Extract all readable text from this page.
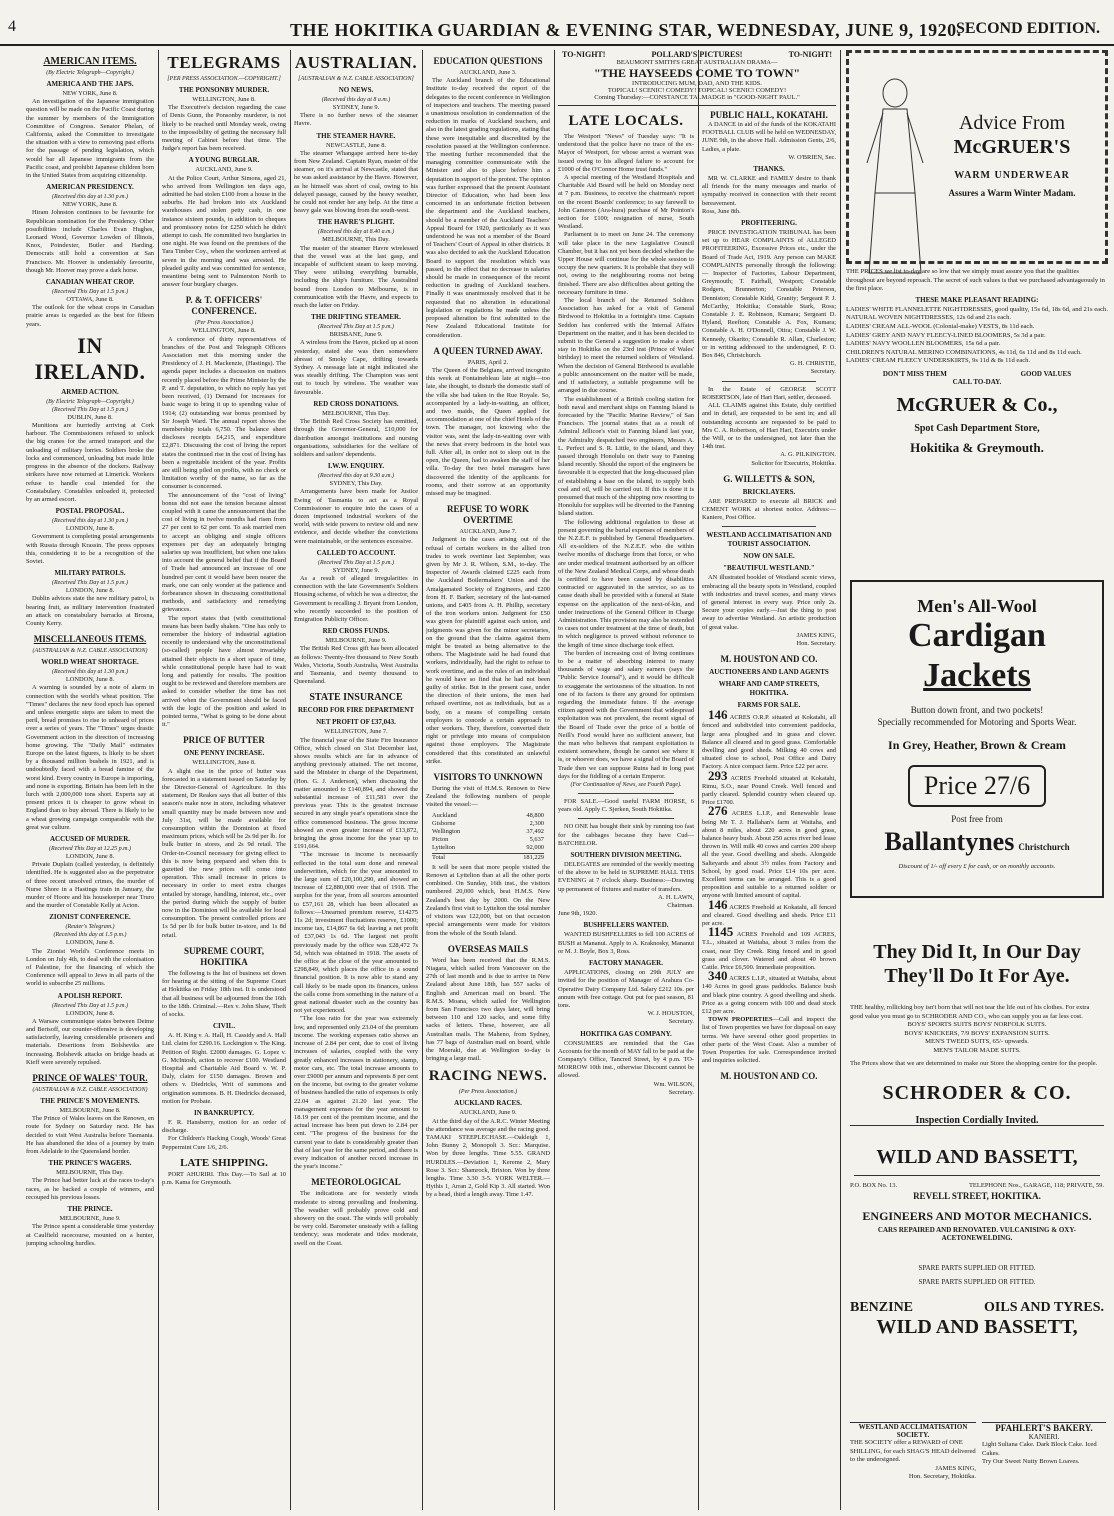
4	THE HOKITIKA GUARDIAN & EVENING STAR, WEDNESDAY, JUNE 9, 1920.
SECOND EDITION.
AMERICAN ITEMS.
(By Electric Telegraph—Copyright.)
AMERICA AND THE JAPS.
NEW YORK, June 8.

An investigation of the Japanese immigration question will be made on the Pacific Coast during the summer by members of the Immigration Committee of Congress. Senator Phelan, of California, asked the Committee to investigate the situation with a view to removing past efforts for the passage of pending legislation, which would bar all Japanese immigrants from the Pacific coast, and prohibit Japanese children born in the United States from acquiring citizenship.

AMERICAN PRESIDENCY.
(Received this day at 1.30 p.m.)
NEW YORK, June 8.

Hiram Johnston continues to be favourite for Republican nomination for the Presidency. Other possibilities include Charles Evan Hughes, Leonard Wood, Governor Lowden of Illinois, Knox, Poindexter, Butler and Harding. Democrats still hold a convention at San Francisco. Mr. Hoover is undeniably favourite, though Mr. Hoover may prove a dark horse.

CANADIAN WHEAT CROP.
(Received This Day at 1.5 p.m.)
OTTAWA, June 8.

The outlook for the wheat crops in Canadian prairie areas is regarded as the best for fifteen years.

IN IRELAND.
ARMED ACTION.
(By Electric Telegraph—Copyright.)
(Received This Day at 1.5 p.m.)
DUBLIN, June 8.

Munitions are hurriedly arriving at Cork harbour. The Commissioners refused to unlock the big cranes for the armed transport and the unloading of military lorries. Soldiers broke the locks and commenced, unloading but made little progress in the absence of the dockers. Railway strikers have now returned at Limerick. Workers refuse to handle coal intended for the Constabulary. Constables unloaded it, protected by an armed escort.

POSTAL PROPOSAL.
(Received this day at 1.30 p.m.)
LONDON, June 8.

Government is completing postal arrangements with Russia through Krassin. The press opposes this, considering it to be a recognition of the Soviet.

MILITARY PATROLS.
(Received This Day at 1.5 p.m.)
LONDON, June 8.

Dublin advices state the new military patrol, is bearing fruit, as military intervention frustrated an attack on constabulary barracks at Brosna, County Kerry.

MISCELLANEOUS ITEMS.
(AUSTRALIAN & N.Z. CABLE ASSOCIATION)
WORLD WHEAT SHORTAGE.
(Received this day at 1.30 p.m.)
LONDON, June 8.

A warning is sounded by a note of alarm in connection with the world's wheat position. The "Times" declares the new food epoch has opened and unless energetic steps are taken to meet the peril, bread promises to rise to unheard of prices over a series of years. The "Times" urges drastic Government action in the direction of increasing home growing. The "Daily Mail" estimates Europe on the latest figures, is likely to be short by a thousand million bushels in 1921, and is undoubtedly faced with a bread famine of the worst kind. Every country in Europe is importing, and none is exporting. Britain has been left in the lurch with 2,000,000 tons short. Experts say at present prices it is cheaper to grow wheat in England than to buy abroad. There is likely to be a wheat growing campaign comparable with the great war culture.

ACCUSED OF MURDER.
(Received This Day at 12.25 p.m.)
LONDON, June 8.

Private Duplain (called yesterday, is definitely identified. He is suggested also as the perpetrator of three recent unsolved crimes, the murder of Nurse Shore in a Hastings train in January, the murder of Hoore and his housekeeper near Truro and the murder of Constable Kelly at Acton.

ZIONIST CONFERENCE.
(Reuter's Telegram.)
(Received this day at 1.5 p.m.)
LONDON, June 8.

The Zionist World's Conference meets in London on July 4th, to deal with the colonisation of Palestine, for the financing of which the Conference will appeal to Jews in all parts of the world to subscribe 25 millions.

A POLISH REPORT.
(Received This Day at 1.5 p.m.)
LONDON, June 8.

A Warsaw communique states between Deime and Berisoff, our counter-offensive is developing satisfactorily, leaving considerable prisoners and materials. Desertions from Bolsheviks are increasing. Bolshevik attacks on bridge heads at Kieff were severely repulsed.

PRINCE OF WALES' TOUR.
(AUSTRALIAN & N.Z. CABLE ASSOCIATION)
THE PRINCE'S MOVEMENTS.
MELBOURNE, June 8.

The Prince of Wales leaves on the Renown, en route for Sydney on Saturday next. He has decided to visit West Australia before Tasmania. He has abandoned the idea of a journey by train from Adelaide to the Queensland border.

THE PRINCE'S WAGERS.
MELBOURNE, This Day.

The Prince had better luck at the races to-day's races, as he backed a couple of winners, and recouped his previous losses.

THE PRINCE.
MELBOURNE, June 9.

The Prince spent a considerable time yesterday at Caulfield racecourse, mounted on a hunter, jumping schooling hurdles.

TELEGRAMS
[PER PRESS ASSOCIATION.—COPYRIGHT.]
THE PONSONBY MURDER.
WELLINGTON, June 8.

The Executive's decision regarding the case of Denis Gunn, the Ponsonby murderer, is not likely to be reached until Monday week, owing to the impossibility of getting the necessary full meeting of Cabinet before that time. The Judge's report has been received.

A YOUNG BURGLAR.
AUCKLAND, June 9.

At the Police Court, Arthur Simons, aged 21, who arrived from Wellington ten days ago, admitted he had stolen £100 from a house in the suburbs. He had broken into six Auckland warehouses and stolen petty cash, in one instance sixteen pounds, in addition to cheques and promissory notes for £250 which he didn't attempt to cash. He committed two burglaries in one night. He was found on the premises of the Tara Timber Coy., when the workmen arrived at seven in the morning and was arrested. He pleaded guilty and was committed for sentence, meantime being sent to Palmerston North to answer four burglary charges.

P. & T. OFFICERS' CONFERENCE.
(Per Press Association.)
WELLINGTON, June 8.

A conference of thirty representatives of branches of the Post and Telegraph Officers Association met this morning under the Presidency of J. H. Mackenzie, (Hastings). The agenda paper includes a discussion on matters recently placed before the Prime Minister by the P. and T. deputation, to which no reply has yet been received, (1) Demand for increases for basic wage to bring it up to spending value of 1914; (2) outstanding war bonus promised by Sir Joseph Ward. The annual report shows the membership totals 6,750. The balance sheet discloses receipts £4,215, and expenditure £2,871. Discussing the cost of living the report states the continued rise in the cost of living has been a regrettable incident of the year. Profits are still being piled on profits, with no check or limitation worthy of the name, so far as the consumer is concerned.

The announcement of the "cost of living" bonus did not ease the tension because almost coupled with it came the announcement that the cost of living in twelve months had risen from 27 per cent to 62 per cent. To ask married men to accept an obliging and single officers expenses per day an adequately bringing salaries up was insufficient, but when one takes into account the general belief that if the Board of Trade had announced an increase of one hundred per cent it would have been nearer the mark, one can only wonder at the patience and forbearance shown in discussing constitutional methods, and satisfactory and remedying grievances.

The report states that (with constitutional means has been badly shaken. "One has only to remember the history of industrial agitation recently to understand why the unconstitutional (so-called) people have almost invariably attained their objects in a short space of time, while constitutional people have had to wait long and patiently for results. The position ought to be reviewed and therefore members are asked to consider whether the time has not arrived when the Government should be faced with the logic of the position and asked in pointed terms, "What is going to be done about it."

PRICE OF BUTTER
ONE PENNY INCREASE.
WELLINGTON, June 8.

A slight rise in the price of butter was forecasted in a statement issued on Saturday by the Director-General of Agriculture. In this statement, Dr Reakes says that all butter of this season's make now in store, including whatever small quantity may be made between now and July 31st, will be made available for consumption within the Dominion at fixed maximum prices, which will be 2s 9d per lb. for bulk butter in stores, and 2s 9d retail. The Order-in-Council necessary for giving effect to this is now being prepared and when this is gazetted the new prices will come into operation. This small increase in prices is necessary in order to meet extra charges entailed by storage, handling, interest, etc., over the period during which the supply of butter now in the Dominion will be available for local consumption. The present controlled prices are 1s 5d per lb for bulk butter in-store, and 1s 8d retail.

SUPREME COURT, HOKITIKA

The following is the list of business set down for hearing at the sitting of the Supreme Court at Hokitika on Friday 18th inst. It is understood that all business will be adjourned from the 16th to the 18th. Criminal.—Rex v. John Shaw, Theft of socks.

CIVIL.

A. H. King v. A. Hall, H. Cassidy and A. Hall Ltd. claim for £290.16. Lockington v. The King. Petition of Right. £2000 damages. G. Lopez v. G. McIntosh, action to recover £100. Westland Hospital and Charitable Aid Board v. W. P. Daly, claim for £150 damages. Brown and others v. Diedricks, Writ of summons and origination summons. B. H. Diedricks deceased, motion for Probate.

IN BANKRUPTCY.

F. R. Hansberry, motion for an order of discharge.

For Children's Hacking Cough, Woods' Great Peppermint Cure 1/6, 2/6.

LATE SHIPPING.

PORT AHURIRI. This Day.—To Sail at 10 p.m. Kama for Greymouth.

AUSTRALIAN.
[AUSTRALIAN & N.Z. CABLE ASSOCIATION]
NO NEWS.
(Received this day at 8 a.m.)
SYDNEY, June 9.

There is no further news of the steamer Havre.

THE STEAMER HAVRE.
NEWCASTLE, June 8.

The steamer Whangape arrived here to-day from New Zealand. Captain Ryan, master of the steamer, on it's arrival at Newcastle, stated that he was asked assistance by the Havre. However, as he himself was short of coal, owing to his delayed passage, caused by the heavy weather, he could not render her any help. At the time a heavy gale was blowing from the south-west.

THE HAVRE'S PLIGHT.
(Received this day at 8.40 a.m.)
MELBOURNE, This Day.

The master of the steamer Havre wirelessed that the vessel was at the last gasp, and incapable of sufficient steam to keep moving. They were utilising everything burnable, including the ship's furniture. The Australind bound from London to Melbourne, is in communication with the Havre, and expects to reach the latter on Friday.

THE DRIFTING STEAMER.
(Received This Day at 1.5 p.m.)
BRISBANE, June 9.

A wireless from the Havre, picked up at noon yesterday, stated she was then somewhere abreast of Smoky Cape, drifting towards Sydney. A message late at night indicated she was steadily drifting. The Champion was sent out to touch by wireless. The weather was favourable.

RED CROSS DONATIONS.
MELBOURNE, This Day.

The British Red Cross Society has remitted, through the Governor-General, £10,000 for distribution amongst institutions and nursing organisations, subsidiaries for the welfare of soldiers and sailors' dependents.

I.W.W. ENQUIRY.
(Received this day at 9.30 a.m.)
SYDNEY, This Day.

Arrangements have been made for Justice Ewing of Tasmania to act as a Royal Commissioner to enquire into the cases of a dozen imprisoned industrial workers of the world, with wide powers to review old and new evidence, and decide whether the convictions were maintainable, or the sentences excessive.

CALLED TO ACCOUNT.
(Received This Day at 1.5 p.m.)
SYDNEY, June 9.

As a result of alleged irregularities in connection with the late Government's Soldiers Housing scheme, of which he was a director, the Government is recalling J. Bryant from London, who recently succeeded to the position of Emigration Publicity Officer.

RED CROSS FUNDS.
MELBOURNE, June 9.

The British Red Cross gift has been allocated as follows: Twenty-five thousand to New South Wales, Victoria, South Australia, West Australia and Tasmania, and twenty thousand to Queensland.

STATE INSURANCE
RECORD FOR FIRE DEPARTMENT
NET PROFIT OF £37,043.
WELLINGTON, June 7.

The financial year of the State Fire Insurance Office, which closed on 31st December last, shows results which are far in advance of anything previously attained. The net income, said the Minister in charge of the Department, (Hon. G. J. Anderson), when discussing the matter amounted to £140,894, and showed the substantial increase of £11,581 over the previous year. This is the greatest increase secured in any single year's operations since the office commenced business. The gross income showed an even greater increase of £13,872, bringing the gross income for the year up to £191,664.

"The increase in income is necessarily reflected in the total sum done and renewal underwritten, which for the year amounted to the large sum of £20,100,290, and showed an increase of £2,880,000 over that of 1918. The surplus for the year, from all sources amounted to £57,161 28, which has been allocated as follows:—Unearned premium reserve, £14275 11s 2d; investment fluctuations reserve, £1000; income tax, £14,867 6s 6d; leaving a net profit of £37,043 1s 6d. The largest net profit previously made by the office was £28,472 7s 5d, which was obtained in 1918. The assets of the office at the close of the year amounted to £298,849, which places the office in a sound financial position. It is now able to stand any call likely to be made upon its finances, unless the calls come from something in the nature of a great national disaster such as the country has not yet experienced.

"The loss ratio for the year was extremely low, and represented only 23.04 of the premium income. The working expenses ratio shows an increase of 2.84 per cent, due to cost of living increases of salaries, coupled with the very greatly enhanced increases in stationery, stamp, motor cars, etc. The total increase amounts to over £9000 per annum and represents 8 per cent on the income, but owing to the greater volume of business handled the ratio of expenses is only 22.04 as against 21.20 last year. The management expenses for the year amount to 18.19 per cent of the premium income, and the actual increase has been put down to 2.84 per cent. "The progress of the business for the current year to date is considerably greater than that of last year for the same period, and there is every indication of another record increase in the year's income."

METEOROLOGICAL

The indications are for westerly winds moderate to strong prevailing and freshening. The weather will probably prove cold and showery on the coast. The winds will probably be very cold. Barometer unsteady with a falling tendency; seas moderate and tides moderate, swell on the Coast.

EDUCATION QUESTIONS
AUCKLAND, June 3.

The Auckland branch of the Educational Institute to-day received the report of the delegates to the recent conference in Wellington of inspectors and teachers. The meeting passed a unanimous resolution in condemnation of the reduction in marks of Auckland teachers, and also in the latest grading regulations, stating that these were inequitable and discredited by the resolution passed at the Wellington conference. The meeting further recommended that the managing committee communicate with the Minister and also to place before him a deputation in support of the protest. The opinion was further expressed that the present Assistant Director of Education, who had been less concerned in an unfortunate friction between the department and the Auckland teachers, should be a member of the Auckland Teachers' Appeal Board for 1920, particularly as it was understood he was not a member of the Board of Teachers' Court of Appeal in other districts. It was also decided to ask the Auckland Education Board to support the resolution which was passed, to the effect that no decrease in salaries should be made in consequence of the recent reduction in grading of Auckland teachers. Finally it was unanimously resolved that it be requested that no alteration in educational legislation or regulations be made unless the proposed alteration be first submitted to the New Zealand Educational Institute for consideration.

A QUEEN TURNED AWAY.
PARIS, April 2.

The Queen of the Belgians, arrived incognito this week at Fontainebleau late at night—too late, she thought, to disturb the domestic staff of the villa she had taken in the Rue Royale. So, accompanied by a lady-in-waiting, an officer, and two maids, the Queen applied for accommodation at one of the chief Hotels of the town. The manager, not knowing who the visitor was, sent the lady-in-waiting over with the news that every bedroom in the hotel was full. After all, in order not to sleep out in the open, the Queen, had to awaken the staff of her villa. To-day the two hotel managers have discovered the identity of the applicants for rooms, and their sorrow at an opportunity missed may be imagined.

REFUSE TO WORK OVERTIME
AUCKLAND, June 7.

Judgment in the cases arising out of the refusal of certain workers in the allied iron trades to work overtime last September, was given by Mr J. R. Wilson, S.M., to-day. The Inspector of Awards claimed £225 each from the Auckland Boilermakers' Union and the Amalgamated Society of Engineers, and £200 from H. F. Barker, secretary of the last-named unions, and £405 from A. H. Phillip, secretary of the iron workers union. Judgment for £50 was given for plaintiff against each union, and judgments was given for the minor secretaries, on the ground that the claims against them might be treated as being alternative to the others. The Magistrate said he had found that workers, individually, had the right to refuse to work overtime, and as the rules of an individual he would have so find that he had not been guilty of strike. But in the present case, under the direction of their unions, the men had refused overtime, not as individuals, but as a body, on a means of compelling certain employers to concede a certain approach to other workers. They, therefore, converted their right or privilege into means of compulsion against those employers. The Magistrate considered that this constituted an unlawful strike.

VISITORS TO UNKNOWN

During the visit of H.M.S. Renown to New Zealand the following numbers of people visited the vessel:—

Auckland	48,800
Gisborne	2,300
Wellington	37,492
Picton	5,637
Lyttelton	92,000
Total	181,229

It will be seen that more people visited the Renown at Lyttelton than at all the other ports combined. On Sunday, 16th inst., the visitors numbered 20,000 which, beat H.M.S. New Zealand's best day by 2000. On the New Zealand's first visit to Lyttelton the total number of visitors was 122,000, but on that occasion special arrangements were made for visitors from the whole of the South Island.

OVERSEAS MAILS

Word has been received that the R.M.S. Niagara, which sailed from Vancouver on the 27th of last month and is due to arrive in New Zealand about June 18th, has 557 sacks of English and American mail on board. The R.M.S. Moana, which sailed for Wellington from San Francisco two days later, will bring between 110 and 120 sacks, and some fifty sacks of letters. These, however, are all Australian mails. The Maheno, from Sydney, has 77 bags of Australian mail on board, while the Moeraki, due at Wellington to-day is bringing a large mail.

RACING NEWS.
(Per Press Association.)
AUCKLAND RACES.
AUCKLAND, June 9.

At the third day of the A.R.C. Winter Meeting the attendance was average and the racing good. TAMAKI STEEPLECHASE.—Oakleigh 1, John Bunny 2, Monopoli 3. Scr.: Marquise. Won by three lengths. Time 5.55. GRAND HURDLES.—Deviation 1, Kereme 2, Mary Rose 3. Scr.: Shamrock, Brixton. Won by three lengths. Time 3.30 3-5. YORK WELTER.—Hythis 1, Arran 2, Gold Kip 3. All started. Won by a head, third a length away. Time 1.47.

TO-NIGHT!	POLLARD'S PICTURES!	TO-NIGHT!
BEAUMONT SMITH'S GREAT AUSTRALIAN DRAMA—
"THE HAYSEEDS COME TO TOWN"
INTRODUCING MUM, DAD, AND THE KIDS.
TOPICAL! SCENIC! COMEDY! TOPICAL! SCENIC! COMEDY!
Coming Thursday:—CONSTANCE TALMADGE in "GOOD-NIGHT PAUL."
LATE LOCALS.

The Westport "News" of Tuesday says: "It is understood that the police have no trace of the ex-Mayor of Westport, for whose arrest a warrant was issued owing to his alleged failure to account for £1000 of the O'Connor Home trust funds."

A special meeting of the Westland Hospitals and Charitable Aid Board will be held on Monday next at 7 p.m. Business, to receive the chairman's report on the recent Boards' conference; to say farewell to John Cameron (Ara-hura) purchase of Mr Pointon's section for £100; resignation of nurse, South Westland.

Parliament is to meet on June 24. The ceremony will take place in the new Legislative Council Chamber, but it has not yet been decided whether the Upper House will continue for the whole session to occupy the new quarters. It is probable that they will not, owing to the neighbouring rooms not being finished. There are also difficulties about getting the necessary furniture in time.

The local branch of the Returned Soldiers Association has asked for a visit of General Birdwood to Hokitika in a fortnight's time. Captain Seddon has conferred with the Internal Affairs Department on the matter, and it has been decided to submit to the General a suggestion to make a short stay in Hokitika on the 23rd inst (Prince of Wales' birthday) to meet the returned soldiers of Westland. When the decision of General Birdwood is available a public announcement on the matter will be made, and if satisfactory, a suitable programme will be arranged in due course.

The establishment of a British cooling station for both naval and merchant ships on Fanning Island is forecasted by the "Pacific Marine Review," of San Francisco. The journal states that as a result of Admiral Jellicoe's visit to Fanning Island last year, the Admiralty despatched two engineers, Messrs A. L. Perfect and S. R. Little, to the island, and they passed through Honolulu on their way to Fanning Island recently. Should the report of the engineers be favourable it is expected that the long-discussed plan of establishing a base on the island, to supply both coal and oil, will be carried out. If this is done it is presumed that much of the shipping now resorting to Honolulu for supplies will be diverted to the Fanning Island station.

The following additional regulation to those at present governing the burial expenses of members of the N.Z.E.F. is published by General Headquarters. All ex-soldiers of the N.Z.E.F. who die within twelve months of discharge from that force, or who are under medical treatment authorised by an officer of the New Zealand Medical Corps, and whose death is certified to have been caused by disabilities contracted or aggravated in the service, so as to cause death shall be provided with a funeral at State expense on the application of the next-of-kin, and under instructions of the General Officer in Charge Administration. This provision may also be extended to cases not under treatment at the time of death, but in which negligence is proved without reference to the length of time since discharge took effect.

The burden of increasing cost of living continues to be a matter of absorbing interest to many thousands of wage and salary earners (says the "Public Service Journal"), and it would be difficult to exaggerate the seriousness of the situation. In not one of its factors is there any ground for optimism regarding the immediate future. If the average citizen agreed with the Government that widespread exploitation was not prevalent, the recent signal of the Board of Trade over the price of a bottle of Neill's Food would have no sufficient answer, but the man who believes that rampant exploitation is existent somewhere, though he cannot see where it is, or whoever does, we have a signal of the Board of Trade then we can suppose Ruins had in long past days for the fiddling of a certain Emperor.

(For Continuation of News, see Fourth Page).

FOR SALE.—Good useful FARM HORSE, 6 years old. Apply C. Sjerken, South Hokitika.

NO ONE has bought their sink by running too fast for the cabbages because they have Cud—BATCHELOR.

SOUTHERN DIVISION MEETING.

DELEGATES are reminded of the weekly meeting of the above to be held in SUPREME HALL THIS EVENING at 7 o'clock sharp. Business:—Drawing up permanent of fixtures and matter of transfers.

A. H. LAWN,
Chairman.
June 9th, 1920.
BUSHFELLERS WANTED.

WANTED BUSHFELLERS to fell 100 ACRES of BUSH at Mananui. Apply to A. Kraknosky, Mananui or M. J. Boyle, Box 3, Ross.

FACTORY MANAGER.

APPLICATIONS, closing on 29th JULY are invited for the position of Manager of Arahura Co-Operative Dairy Company Ltd. Salary £212 10s. per annum with free cottage. Out put for past season, 81 tons.

W. J. HOUSTON,
Secretary.
HOKITIKA GAS COMPANY.

CONSUMERS are reminded that the Gas Accounts for the month of MAY fall to be paid at the Company's Office, Tancred Street, by 4 p.m. TO-MORROW 10th inst., otherwise Discount cannot be allowed.

Wm. WILSON,
Secretary.
PUBLIC HALL, KOKATAHI.

A DANCE in aid of the funds of the KOKATAHI FOOTBALL CLUB will be held on WEDNESDAY, JUNE 9th, in the above Hall. Admission Gents, 2/6, Ladies, a plate.

W. O'BRIEN, Sec.
THANKS.

MR W. CLARKE and FAMILY desire to thank all friends for the many messages and marks of sympathy received in connection with their recent bereavement.

Ross, June 8th.
PROFITEERING.

PRICE INVESTIGATION TRIBUNAL has been set up to HEAR COMPLAINTS of ALLEGED PROFITEERING, Excessive Prices etc., under the Board of Trade Act, 1919. Any person can MAKE COMPLAINTS personally through the following:— Inspector of Factories, Labour Department, Greymouth; T. Fairhall, Westport; Constable Rodgers, Brunnerton; Constable Peterson, Denniston; Constable Kidd, Granity; Sergeant P. J. McCarthy, Hokitika; Constable Stark, Ross; Constable J. E. Robinson, Kumara; Sergeant D. Hyland, Reefton; Constable A. Fox, Kumara; Constable A. H. O'Donnell, Otira; Constable J. W. Kennedy, Okarito; Constable R. Allan, Charleston; or in writing addressed to the undersigned, P. O. Box 846, Christchurch.

G. H. CHRISTIE,
Secretary.

In the Estate of GEORGE SCOTT ROBERTSON, late of Hari Hari, settler, deceased.

ALL CLAIMS against this Estate, duly certified and in detail, are requested to be sent in; and all outstanding accounts are requested to be paid to Mrs C. A. Robertson, of Hari Hari, Executrix under the Will, or to the undersigned, not later than the 14th inst.

A. G. PILKINGTON.
Solicitor for Executrix, Hokitika.
G. WILLETTS & SON,
BRICKLAYERS.

ARE PREPARED to execute all BRICK and CEMENT WORK at shortest notice. Address:—Kaniere, Post Office.

WESTLAND ACCLIMATISATION AND TOURIST ASSOCIATION.
NOW ON SALE.
"BEAUTIFUL WESTLAND."

AN illustrated booklet of Westland scenic views, embracing all the beauty spots in Westland, coupled with industries and travel scenes, and many views of general interest in every way. Price only 2s. Secure your copies early.—Just the thing to post away to advertise Westland. An artistic production of great value.

JAMES KING,
Hon. Secretary.
M. HOUSTON AND CO.
AUCTIONEERS AND LAND AGENTS
WHARF AND CAMP STREETS, HOKITIKA.
FARMS FOR SALE.

146 ACRES O.R.P. situated at Kokatahi, all fenced and subdivided into convenient paddocks, large area ploughed and in grass and clover. Balance all cleared and in good grass. Comfortable dwelling and good sheds. Milking 40 cows and situated close to school, Post Office and Dairy Factory. A nice compact farm. Price £22 per acre.

293 ACRES Freehold situated at Kokatahi, Rimu, S.O., near Pound Creek. Well fenced and partly cleared. Splendid country when cleared up. Price £1700.

276 ACRES L.I.P., and Renewable lease being Mr T. J. Hallahan's farm at Waitaha, and about 8 miles, about 220 acres in good grass, balance heavy bush. About 250 acres river bed lease thrown in. Will milk 40 cows and carries 200 sheep all the year. Good dwelling and sheds. Alongside Salteyards and about 3½ miles from Factory and School, by good road. Price £14 10s per acre. Excellent terms can be arranged. This is a good proposition and suitable to a returned soldier or anyone with limited amount of capital.

146 ACRES Freehold at Kokatahi, all fenced and cleared. Good dwelling and sheds. Price £11 per acre.

1145 ACRES Freehold and 109 ACRES, T.L., situated at Waitaha, about 3 miles from the coast, near Dry Creek. Ring fenced and in good grass and clover. Watered and about 40 brown Cattle. Price £6,500. Immediate proposition.

340 ACRES L.I.P., situated at Waitaha, about 140 Acres in good grass paddocks. Balance bush and black pine country. A good dwelling and sheds. Price as a going concern with 100 and dead stock £12 per acre.

TOWN PROPERTIES—Call and inspect the list of Town properties we have for disposal on easy terms. We have several other good properties in other parts of the West Coast. Also a number of Town Properties for sale. Correspondence invited and inquiries solicited.

M. HOUSTON AND CO.
Advice From
McGRUER'S
WARM UNDERWEAR
Assures a Warm Winter Madam.
THE PRICES we list to-day are so low that we simply must assure you that the qualities throughout are beyond reproach. The secret of such values is that we purchased advantageously in the first place.
THESE MAKE PLEASANT READING:
LADIES' WHITE FLANNELETTE NIGHTDRESSES, good quality, 15s 6d, 18s 6d, and 21s each.
NATURAL WOVEN NIGHTDRESSES, 12s 6d and 21s each.
LADIES' CREAM ALL-WOOL (Colonial-make) VESTS, 8s 11d each.
LADIES' GREY AND NAVY FLEECY-LINED BLOOMERS, 5s 3d a pair.
LADIES' NAVY WOOLLEN BLOOMERS, 15s 6d a pair.
CHILDREN'S NATURAL MERINO COMBINATIONS, 4s 11d, 6s 11d and 8s 11d each.
LADIES' CREAM FLEECY UNDERSKIRTS, 9s 11d & 8s 11d each.
DON'T MISS THEM	GOOD VALUES
CALL TO-DAY.
McGRUER & Co.,
Spot Cash Department Store,
Hokitika & Greymouth.
Men's All-Wool
Cardigan
Jackets
Button down front, and two pockets!
Specially recommended for Motoring and Sports Wear.
In Grey, Heather, Brown & Cream
Price 27/6
Post free from
Ballantynes Christchurch
Discount of 1/- off every £ for cash, or on monthly accounts.
They Did It, In Our Day
They'll Do It For Aye.
THE healthy, rollicking boy isn't born that will not tear the life out of his clothes. For extra good value you must go to SCHRODER AND CO., who can supply you as far less cost.
BOYS' SPORTS SUITS BOYS' NORFOLK SUITS.
BOYS' KNICKERS, 7/9 BOYS' EXPANSION SUITS.
MEN'S TWEED SUITS, 65/- upwards.
MEN'S TAILOR MADE SUITS.
The Prices show that we are determined to make our Store the shopping centre for the people.
SCHRODER & CO.
Inspection Cordially Invited.
WILD AND BASSETT,
P.O. BOX No. 13.	TELEPHONE Nos., GARAGE, 118; PRIVATE, 59.
REVELL STREET, HOKITIKA.
ENGINEERS AND MOTOR MECHANICS.
CARS REPAIRED AND RENOVATED. VULCANISING & OXY-ACETONEWELDING.
SPARE PARTS SUPPLIED OR FITTED.
SPARE PARTS SUPPLIED OR FITTED.
BENZINE	OILS AND TYRES.
WILD AND BASSETT,
WESTLAND ACCLIMATISATION SOCIETY.
THE SOCIETY offer a REWARD of ONE SHILLING, for each SHAG'S HEAD delivered to the undersigned.
JAMES KING,
Hon. Secretary, Hokitika.
PFAHLERT'S BAKERY.
KANIERI.
Light Sultana Cake. Dark Block Cake. Iced Cakes.
Try Our Sweet Nutty Brown Loaves.
